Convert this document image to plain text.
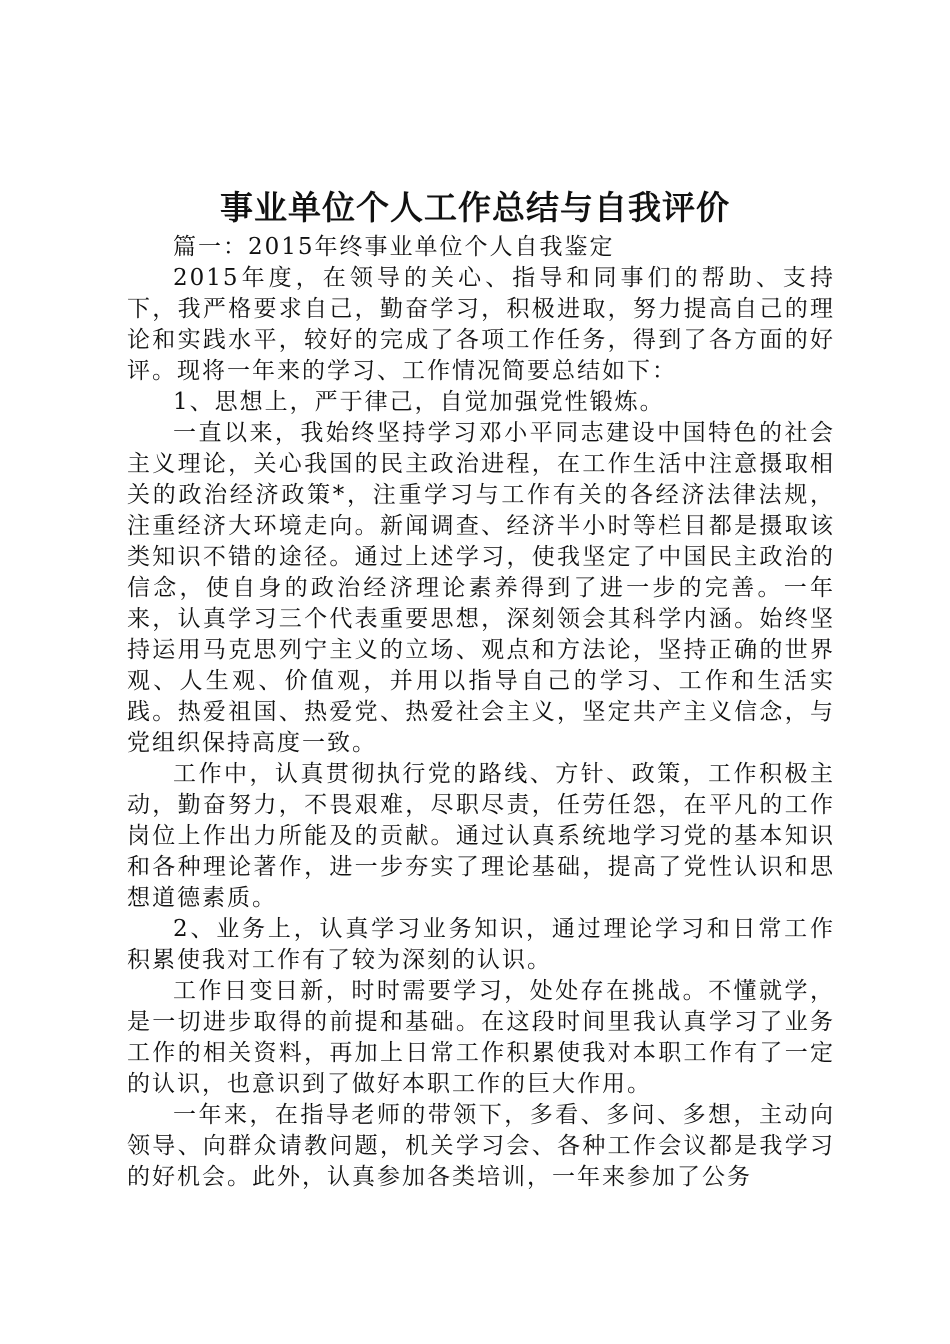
事业单位个人工作总结与自我评价

篇一：2015年终事业单位个人自我鉴定

2015年度，在领导的关心、指导和同事们的帮助、支持下，我严格要求自己，勤奋学习，积极进取，努力提高自己的理论和实践水平，较好的完成了各项工作任务，得到了各方面的好评。现将一年来的学习、工作情况简要总结如下：

1、思想上，严于律己，自觉加强党性锻炼。

一直以来，我始终坚持学习邓小平同志建设中国特色的社会主义理论，关心我国的民主政治进程，在工作生活中注意摄取相关的政治经济政策*，注重学习与工作有关的各经济法律法规，注重经济大环境走向。新闻调查、经济半小时等栏目都是摄取该类知识不错的途径。通过上述学习，使我坚定了中国民主政治的信念，使自身的政治经济理论素养得到了进一步的完善。一年来，认真学习三个代表重要思想，深刻领会其科学内涵。始终坚持运用马克思列宁主义的立场、观点和方法论，坚持正确的世界观、人生观、价值观，并用以指导自己的学习、工作和生活实践。热爱祖国、热爱党、热爱社会主义，坚定共产主义信念，与党组织保持高度一致。

工作中，认真贯彻执行党的路线、方针、政策，工作积极主动，勤奋努力，不畏艰难，尽职尽责，任劳任怨，在平凡的工作岗位上作出力所能及的贡献。通过认真系统地学习党的基本知识和各种理论著作，进一步夯实了理论基础，提高了党性认识和思想道德素质。

2、业务上，认真学习业务知识，通过理论学习和日常工作积累使我对工作有了较为深刻的认识。

工作日变日新，时时需要学习，处处存在挑战。不懂就学，是一切进步取得的前提和基础。在这段时间里我认真学习了业务工作的相关资料，再加上日常工作积累使我对本职工作有了一定的认识，也意识到了做好本职工作的巨大作用。

一年来，在指导老师的带领下，多看、多问、多想，主动向领导、向群众请教问题，机关学习会、各种工作会议都是我学习的好机会。此外，认真参加各类培训，一年来参加了公务
